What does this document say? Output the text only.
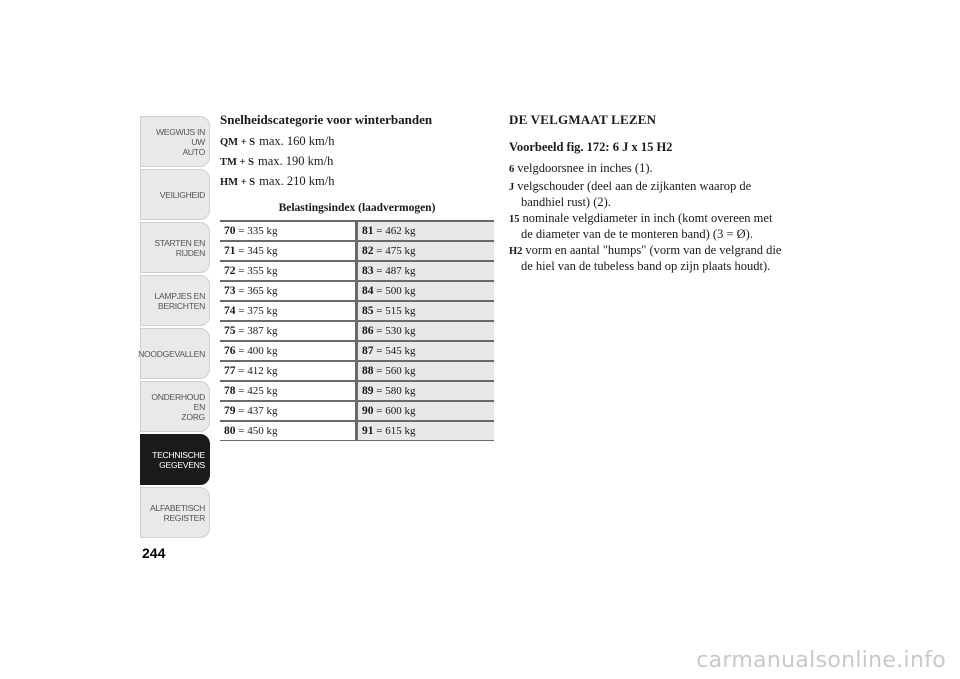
WEGWIJS IN UW
AUTO
VEILIGHEID
STARTEN EN
RIJDEN
LAMPJES EN
BERICHTEN
NOODGEVALLEN
ONDERHOUD EN
ZORG
TECHNISCHE
GEGEVENS
ALFABETISCH
REGISTER
244
Snelheidscategorie voor winterbanden
QM + S max. 160 km/h
TM + S max. 190 km/h
HM + S max. 210 km/h
Belastingsindex (laadvermogen)
70 = 335 kg	81 = 462 kg
71 = 345 kg	82 = 475 kg
72 = 355 kg	83 = 487 kg
73 = 365 kg	84 = 500 kg
74 = 375 kg	85 = 515 kg
75 = 387 kg	86 = 530 kg
76 = 400 kg	87 = 545 kg
77 = 412 kg	88 = 560 kg
78 = 425 kg	89 = 580 kg
79 = 437 kg	90 = 600 kg
80 = 450 kg	91 = 615 kg
DE VELGMAAT LEZEN
Voorbeeld fig. 172: 6 J x 15 H2
6 velgdoorsnee in inches (1).
J velgschouder (deel aan de zijkanten waarop de bandhiel rust) (2).
15 nominale velgdiameter in inch (komt overeen met de diameter van de te monteren band) (3 = Ø).
H2 vorm en aantal "humps" (vorm van de velgrand die de hiel van de tubeless band op zijn plaats houdt).
carmanualsonline.info
